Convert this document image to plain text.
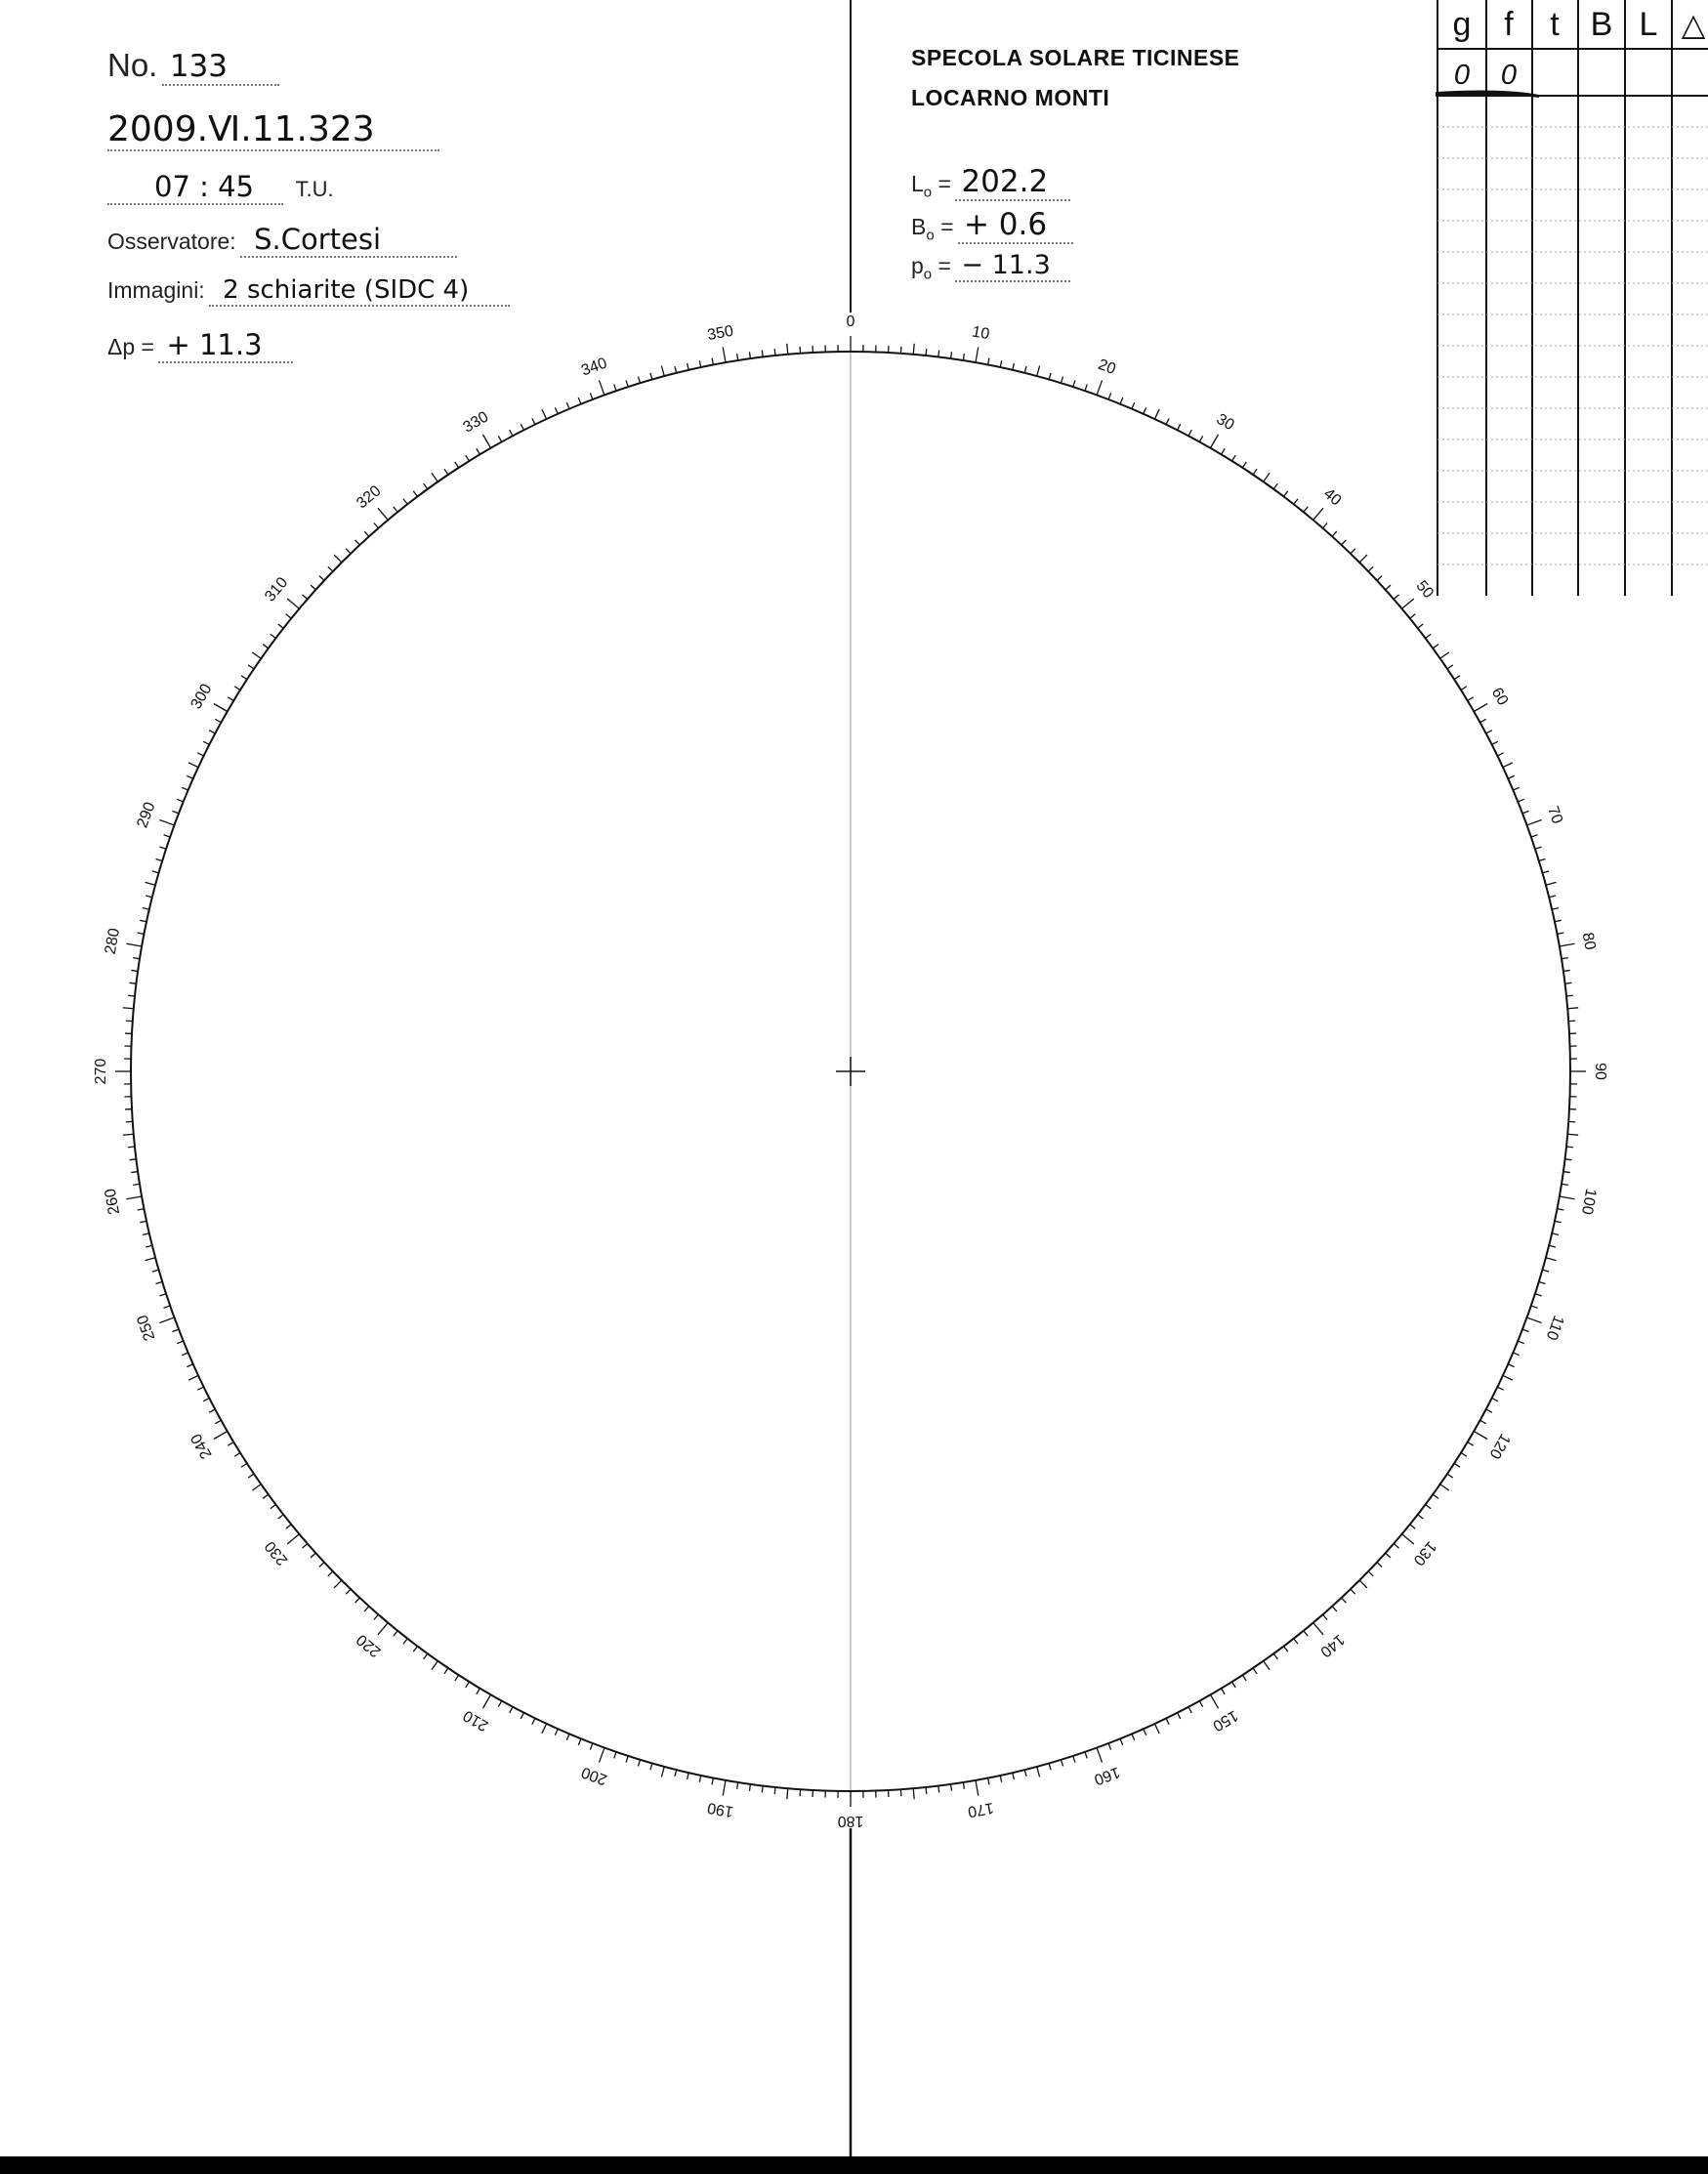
No. 133
2009.Ⅵ.11.323
07 : 45 T.U.
Osservatore: S.Cortesi
Immagini: 2 schiarite (SIDC 4)
Δp = + 11.3
SPECOLA SOLARE TICINESE
LOCARNO MONTI
$L_o = 202.2$
$B_o$ = + 0.6
$p_o$ = − 11.3
g f t B L △
0 0
0
10
20
30
40
50
60
70
80
90
100
110
120
130
140
150
160
170
180
190
200
210
220
230
240
250
260
270
280
290
300
310
320
330
340
350
